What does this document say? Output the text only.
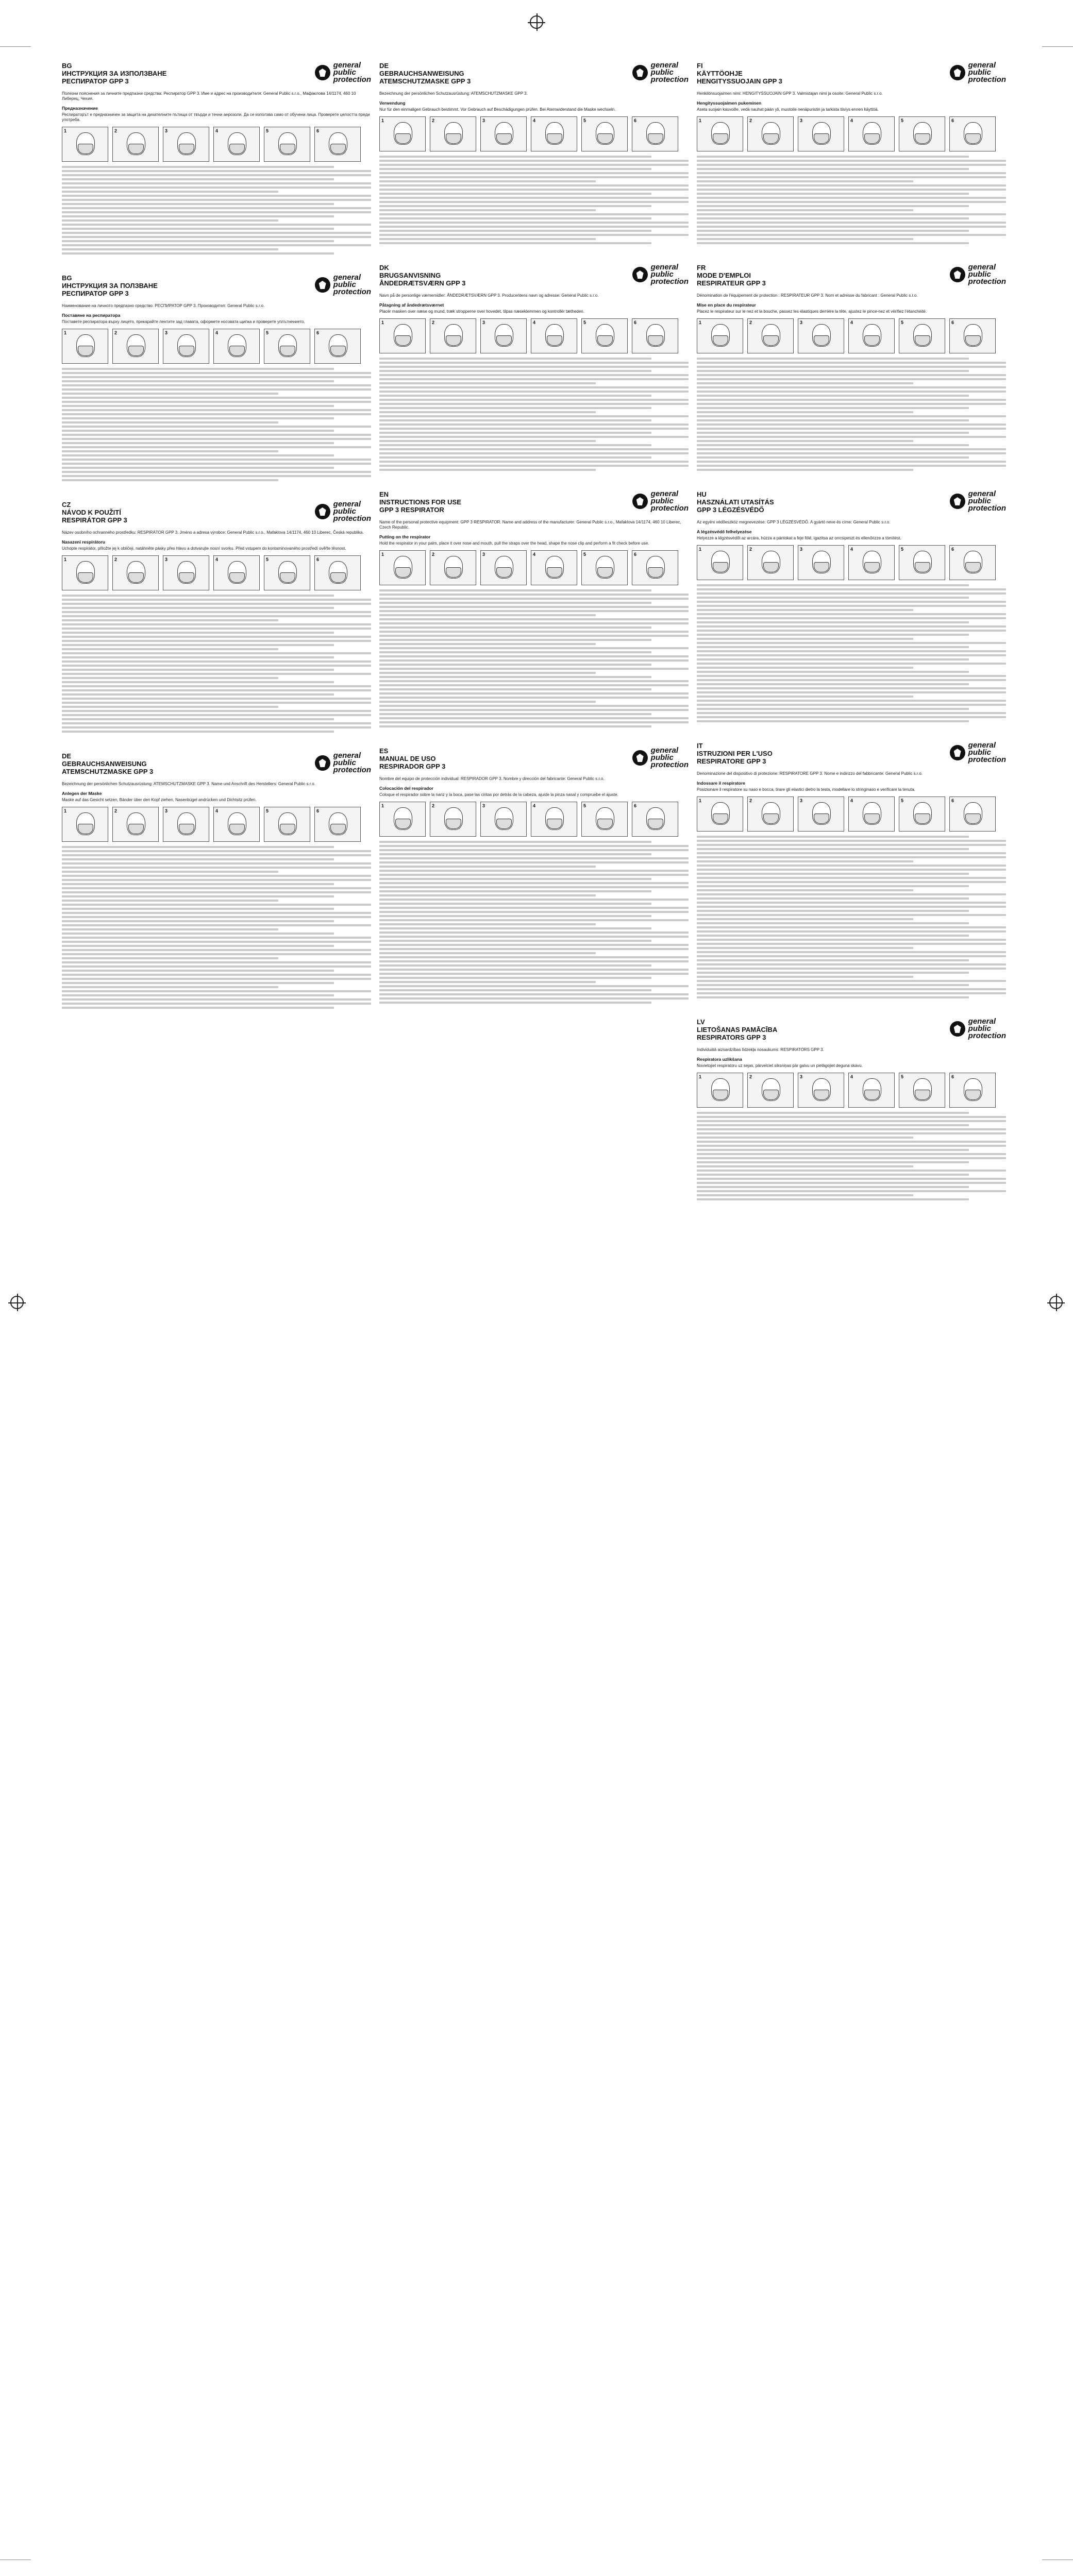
BG
ИНСТРУКЦИЯ ЗА ИЗПОЛЗВАНЕ
РЕСПИРАТОР GPP 3
general
public
protection

Полезни пояснения за личните предпазни средства: Респиратор GPP 3. Име и адрес на производителя: General Public s.r.o., Мафаклова 14/1174, 460 10 Либерец, Чехия.

Предназначение

Респираторът е предназначен за защита на дихателните пътища от твърди и течни аерозоли. Да се използва само от обучени лица. Проверете целостта преди употреба.

1	2	3	4	5	6
BG
ИНСТРУКЦИЯ ЗА ПОЛЗВАНЕ
РЕСПИРАТОР GPP 3
general
public
protection

Наименование на личното предпазно средство: РЕСПИРАТОР GPP 3. Производител: General Public s.r.o.

Поставяне на респиратора

Поставете респиратора върху лицето, прекарайте лентите зад главата, оформете носовата щипка и проверете уплътнението.

1	2	3	4	5	6
CZ
NÁVOD K POUŽITÍ
RESPIRÁTOR GPP 3
general
public
protection

Název osobního ochranného prostředku: RESPIRÁTOR GPP 3. Jméno a adresa výrobce: General Public s.r.o., Mafaklova 14/1174, 460 10 Liberec, Česká republika.

Nasazení respirátoru

Uchopte respirátor, přiložte jej k obličeji, natáhněte pásky přes hlavu a dotvarujte nosní svorku. Před vstupem do kontaminovaného prostředí ověřte těsnost.

1	2	3	4	5	6
DE
GEBRAUCHSANWEISUNG
ATEMSCHUTZMASKE GPP 3
general
public
protection

Bezeichnung der persönlichen Schutzausrüstung: ATEMSCHUTZMASKE GPP 3. Name und Anschrift des Herstellers: General Public s.r.o.

Anlegen der Maske

Maske auf das Gesicht setzen, Bänder über den Kopf ziehen, Nasenbügel andrücken und Dichtsitz prüfen.

1	2	3	4	5	6
DE
GEBRAUCHSANWEISUNG
ATEMSCHUTZMASKE GPP 3
general
public
protection

Bezeichnung der persönlichen Schutzausrüstung: ATEMSCHUTZMASKE GPP 3.

Verwendung

Nur für den einmaligen Gebrauch bestimmt. Vor Gebrauch auf Beschädigungen prüfen. Bei Atemwiderstand die Maske wechseln.

1	2	3	4	5	6
DK
BRUGSANVISNING
ÅNDEDRÆTSVÆRN GPP 3
general
public
protection

Navn på de personlige værnemidler: ÅNDEDRÆTSVÆRN GPP 3. Producentens navn og adresse: General Public s.r.o.

Påtagning af åndedrætsværnet

Placér masken over næse og mund, træk stropperne over hovedet, tilpas næseklemmen og kontrollér tætheden.

1	2	3	4	5	6
EN
INSTRUCTIONS FOR USE
GPP 3 RESPIRATOR
general
public
protection

Name of the personal protective equipment: GPP 3 RESPIRATOR. Name and address of the manufacturer: General Public s.r.o., Mafaklova 14/1174, 460 10 Liberec, Czech Republic.

Putting on the respirator

Hold the respirator in your palm, place it over nose and mouth, pull the straps over the head, shape the nose clip and perform a fit check before use.

1	2	3	4	5	6
ES
MANUAL DE USO
RESPIRADOR GPP 3
general
public
protection

Nombre del equipo de protección individual: RESPIRADOR GPP 3. Nombre y dirección del fabricante: General Public s.r.o.

Colocación del respirador

Coloque el respirador sobre la nariz y la boca, pase las cintas por detrás de la cabeza, ajuste la pinza nasal y compruebe el ajuste.

1	2	3	4	5	6
FI
KÄYTTÖOHJE
HENGITYSSUOJAIN GPP 3
general
public
protection

Henkilönsuojaimen nimi: HENGITYSSUOJAIN GPP 3. Valmistajan nimi ja osoite: General Public s.r.o.

Hengityssuojaimen pukeminen

Aseta suojain kasvoille, vedä nauhat pään yli, muotoile nenäpuristin ja tarkista tiiviys ennen käyttöä.

1	2	3	4	5	6
FR
MODE D'EMPLOI
RESPIRATEUR GPP 3
general
public
protection

Dénomination de l'équipement de protection : RESPIRATEUR GPP 3. Nom et adresse du fabricant : General Public s.r.o.

Mise en place du respirateur

Placez le respirateur sur le nez et la bouche, passez les élastiques derrière la tête, ajustez le pince-nez et vérifiez l'étanchéité.

1	2	3	4	5	6
HU
HASZNÁLATI UTASÍTÁS
GPP 3 LÉGZÉSVÉDŐ
general
public
protection

Az egyéni védőeszköz megnevezése: GPP 3 LÉGZÉSVÉDŐ. A gyártó neve és címe: General Public s.r.o.

A légzésvédő felhelyezése

Helyezze a légzésvédőt az arcára, húzza a pántokat a feje fölé, igazítsa az orrcsipeszt és ellenőrizze a tömítést.

1	2	3	4	5	6
IT
ISTRUZIONI PER L'USO
RESPIRATORE GPP 3
general
public
protection

Denominazione del dispositivo di protezione: RESPIRATORE GPP 3. Nome e indirizzo del fabbricante: General Public s.r.o.

Indossare il respiratore

Posizionare il respiratore su naso e bocca, tirare gli elastici dietro la testa, modellare lo stringinaso e verificare la tenuta.

1	2	3	4	5	6
LV
LIETOŠANAS PAMĀCĪBA
RESPIRATORS GPP 3
general
public
protection

Individuālā aizsardzības līdzekļa nosaukums: RESPIRATORS GPP 3.

Respiratora uzlikšana

Novietojiet respiratoru uz sejas, pārvelciet siksniņas pār galvu un pielāgojiet deguna skavu.

1	2	3	4	5	6
